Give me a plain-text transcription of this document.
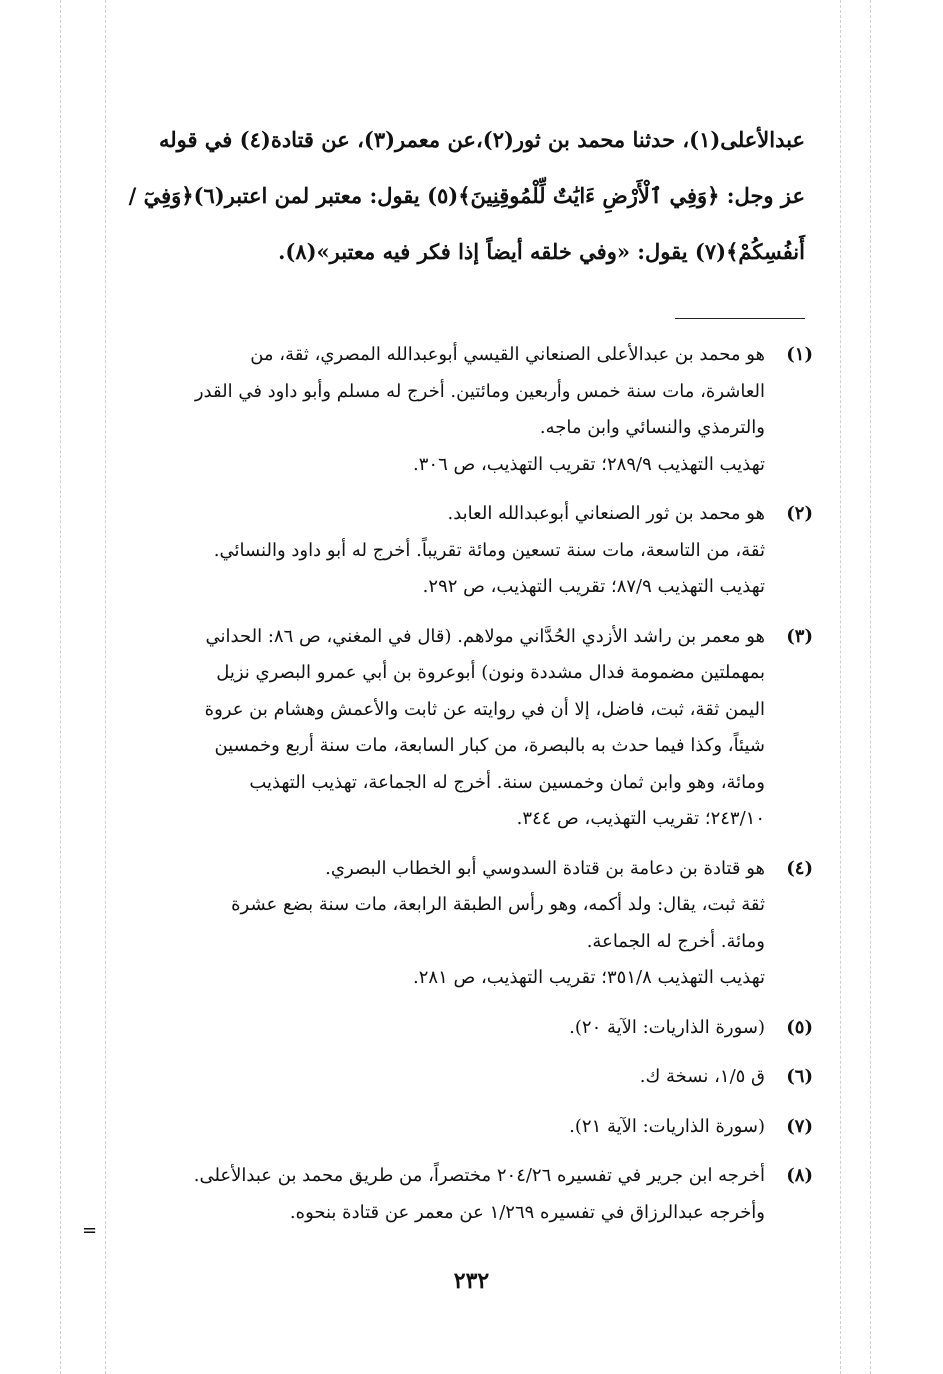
عبدالأعلى(١)، حدثنا محمد بن ثور(٢)،عن معمر(٣)، عن قتادة(٤) في قوله

عز وجل: ﴿وَفِي ٱلْأَرْضِ ءَايَٰتٌ لِّلْمُوقِنِينَ﴾(٥) يقول: معتبر لمن اعتبر(٦)﴿وَفِيٓ /

أَنفُسِكُمْ﴾(٧) يقول: «وفي خلقه أيضاً إذا فكر فيه معتبر»(٨).

(١)

هو محمد بن عبدالأعلى الصنعاني القيسي أبوعبدالله المصري، ثقة، من

العاشرة، مات سنة خمس وأربعين ومائتين. أخرج له مسلم وأبو داود في القدر

والترمذي والنسائي وابن ماجه.

تهذيب التهذيب ٢٨٩/٩؛ تقريب التهذيب، ص ٣٠٦.

(٢)

هو محمد بن ثور الصنعاني أبوعبدالله العابد.

ثقة، من التاسعة، مات سنة تسعين ومائة تقريباً. أخرج له أبو داود والنسائي.

تهذيب التهذيب ٨٧/٩؛ تقريب التهذيب، ص ٢٩٢.

(٣)

هو معمر بن راشد الأزدي الحُدَّاني مولاهم. (قال في المغني، ص ٨٦: الحداني

بمهملتين مضمومة فدال مشددة ونون) أبوعروة بن أبي عمرو البصري نزيل

اليمن ثقة، ثبت، فاضل، إلا أن في روايته عن ثابت والأعمش وهشام بن عروة

شيئاً، وكذا فيما حدث به بالبصرة، من كبار السابعة، مات سنة أربع وخمسين

ومائة، وهو وابن ثمان وخمسين سنة. أخرج له الجماعة، تهذيب التهذيب

٢٤٣/١٠؛ تقريب التهذيب، ص ٣٤٤.

(٤)

هو قتادة بن دعامة بن قتادة السدوسي أبو الخطاب البصري.

ثقة ثبت، يقال: ولد أكمه، وهو رأس الطبقة الرابعة، مات سنة بضع عشرة

ومائة. أخرج له الجماعة.

تهذيب التهذيب ٣٥١/٨؛ تقريب التهذيب، ص ٢٨١.

(٥)

(سورة الذاريات: الآية ٢٠).

(٦)

ق ١/٥، نسخة ك.

(٧)

(سورة الذاريات: الآية ٢١).

(٨)

أخرجه ابن جرير في تفسيره ٢٠٤/٢٦ مختصراً، من طريق محمد بن عبدالأعلى.

وأخرجه عبدالرزاق في تفسيره ١/٢٦٩ عن معمر عن قتادة بنحوه.

=
٢٣٢
